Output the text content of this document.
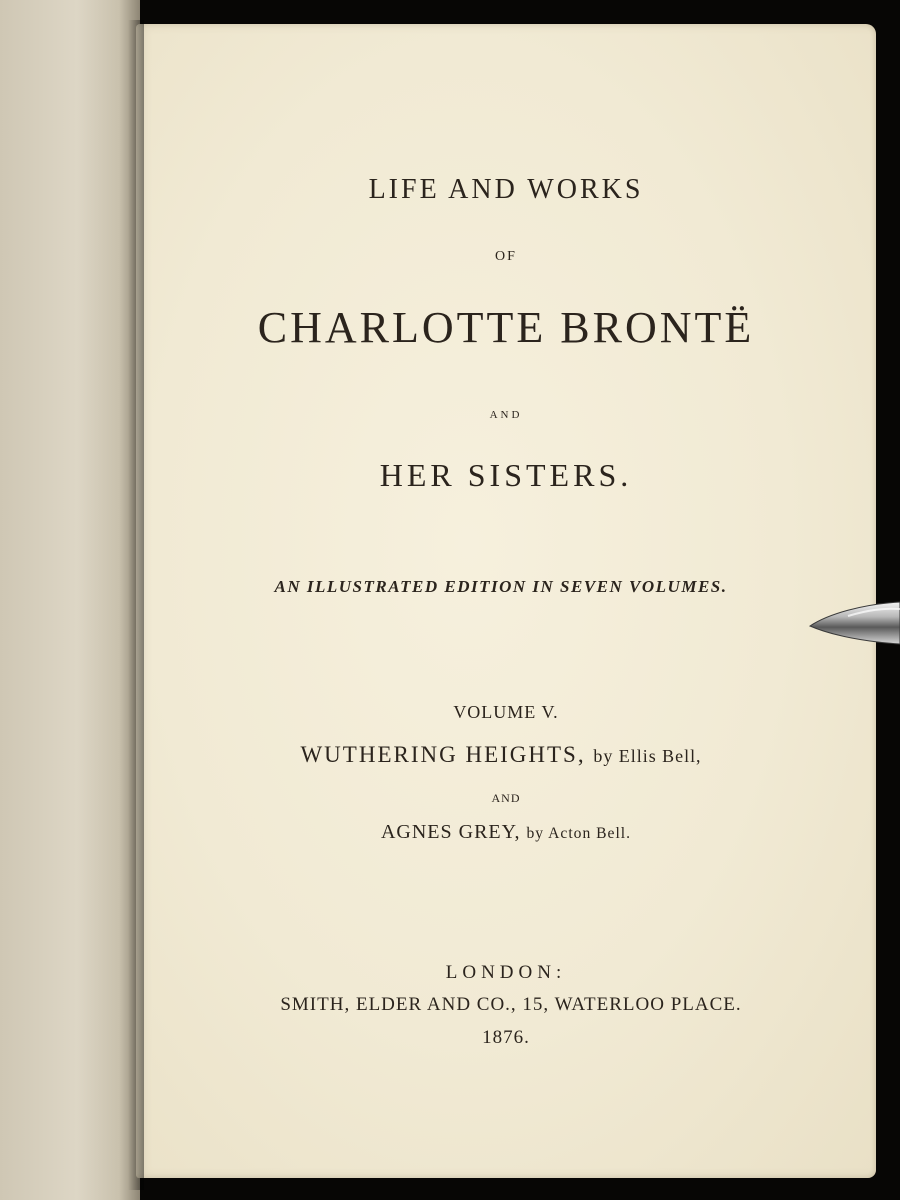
LIFE AND WORKS

OF

CHARLOTTE BRONTË

AND

HER SISTERS.

AN ILLUSTRATED EDITION IN SEVEN VOLUMES.

VOLUME V.

WUTHERING HEIGHTS, by Ellis Bell,

AND

AGNES GREY, by Acton Bell.

LONDON:

SMITH, ELDER AND CO., 15, WATERLOO PLACE.

1876.
